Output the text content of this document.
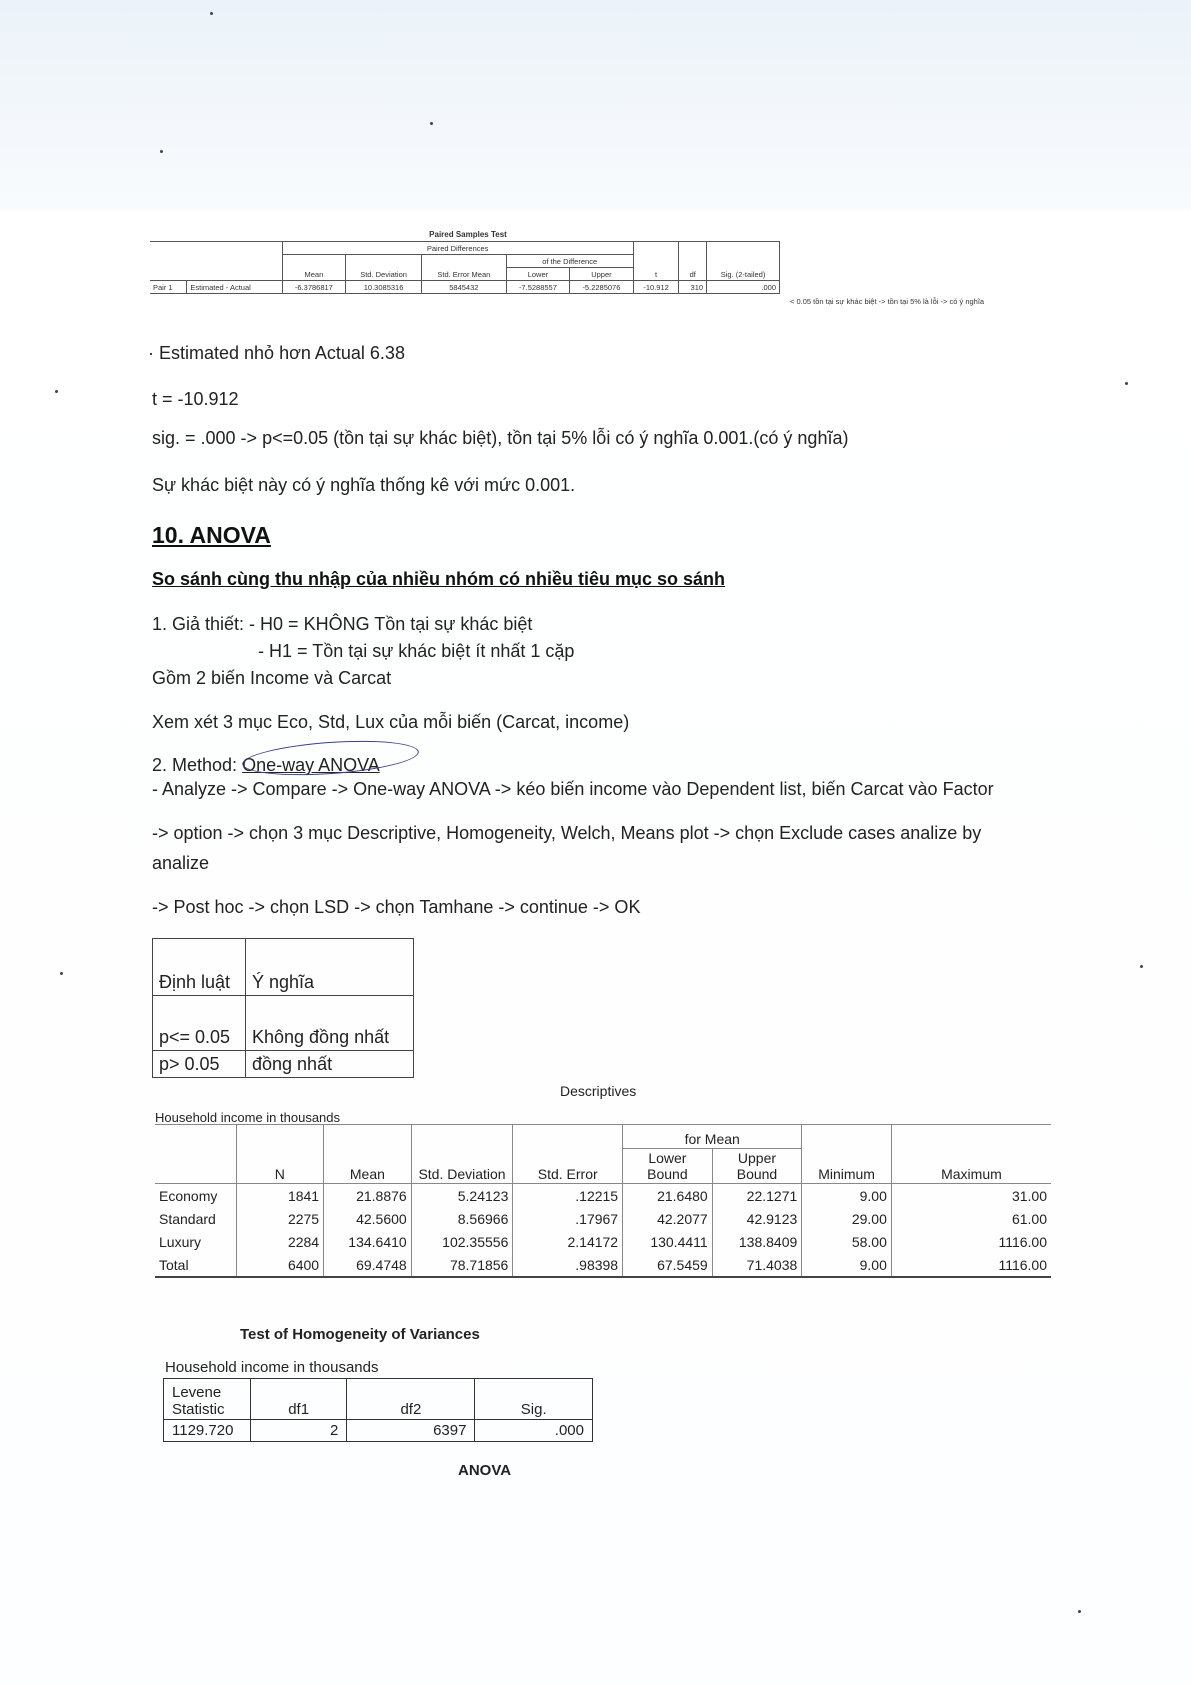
Paired Samples Test
		Paired Differences					t	df	Sig. (2-tailed)
		Mean	Std. Deviation	Std. Error Mean	of the Difference				
					Lower	Upper			
Pair 1	Estimated - Actual	-6.3786817	10.3085316	5845432	-7.5288557	-5.2285076	-10.912	310	.000
< 0.05 tồn tại sự khác biệt -> tồn tại 5% là lỗi -> có ý nghĩa
· Estimated nhỏ hơn Actual 6.38
t = -10.912
sig. = .000 -> p<=0.05 (tồn tại sự khác biệt), tồn tại 5% lỗi có ý nghĩa 0.001.(có ý nghĩa)
Sự khác biệt này có ý nghĩa thống kê với mức 0.001.
10. ANOVA
So sánh cùng thu nhập của nhiều nhóm có nhiều tiêu mục so sánh
1. Giả thiết: - H0 = KHÔNG Tồn tại sự khác biệt
- H1 = Tồn tại sự khác biệt ít nhất 1 cặp
Gồm 2 biến Income và Carcat
Xem xét 3 mục Eco, Std, Lux của mỗi biến (Carcat, income)
2. Method: One-way ANOVA
- Analyze -> Compare -> One-way ANOVA -> kéo biến income vào Dependent list, biến Carcat vào Factor
-> option -> chọn 3 mục Descriptive, Homogeneity, Welch, Means plot -> chọn Exclude cases analize by
analize
-> Post hoc -> chọn LSD -> chọn Tamhane -> continue -> OK
Định luật	Ý nghĩa
p<= 0.05	Không đồng nhất
p> 0.05	đồng nhất
Descriptives
Household income in thousands
	N	Mean	Std. Deviation	Std. Error	for Mean		Minimum	Maximum
					Lower Bound	Upper Bound		
Economy	1841	21.8876	5.24123	.12215	21.6480	22.1271	9.00	31.00
Standard	2275	42.5600	8.56966	.17967	42.2077	42.9123	29.00	61.00
Luxury	2284	134.6410	102.35556	2.14172	130.4411	138.8409	58.00	1116.00
Total	6400	69.4748	78.71856	.98398	67.5459	71.4038	9.00	1116.00
Test of Homogeneity of Variances
Household income in thousands
Levene Statistic	df1	df2	Sig.
1129.720	2	6397	.000
ANOVA
